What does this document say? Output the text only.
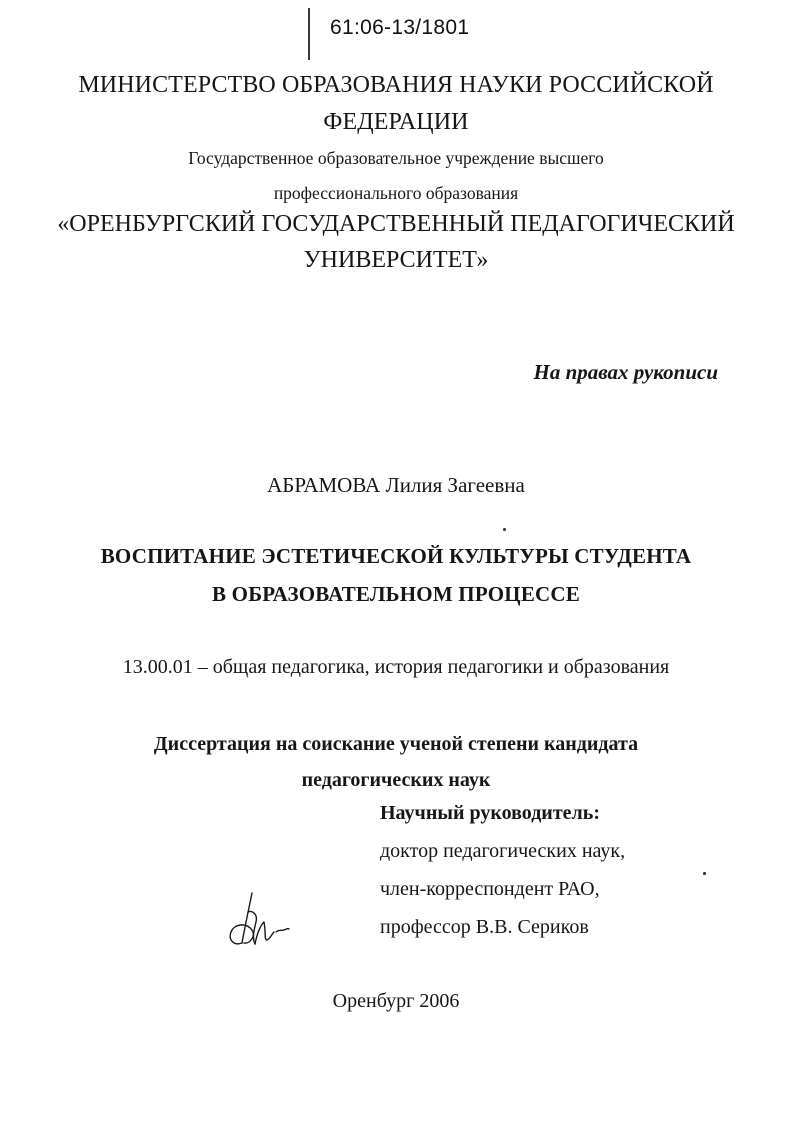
61:06-13/1801
МИНИСТЕРСТВО ОБРАЗОВАНИЯ НАУКИ РОССИЙСКОЙ
ФЕДЕРАЦИИ
Государственное образовательное учреждение высшего
профессионального образования
«ОРЕНБУРГСКИЙ ГОСУДАРСТВЕННЫЙ ПЕДАГОГИЧЕСКИЙ
УНИВЕРСИТЕТ»
На правах рукописи
АБРАМОВА Лилия Загеевна
ВОСПИТАНИЕ ЭСТЕТИЧЕСКОЙ КУЛЬТУРЫ СТУДЕНТА
В ОБРАЗОВАТЕЛЬНОМ ПРОЦЕССЕ
13.00.01 – общая педагогика, история педагогики и образования
Диссертация на соискание ученой степени кандидата
педагогических наук
Научный руководитель:
доктор педагогических наук,
член-корреспондент РАО,
профессор В.В. Сериков
Оренбург 2006
